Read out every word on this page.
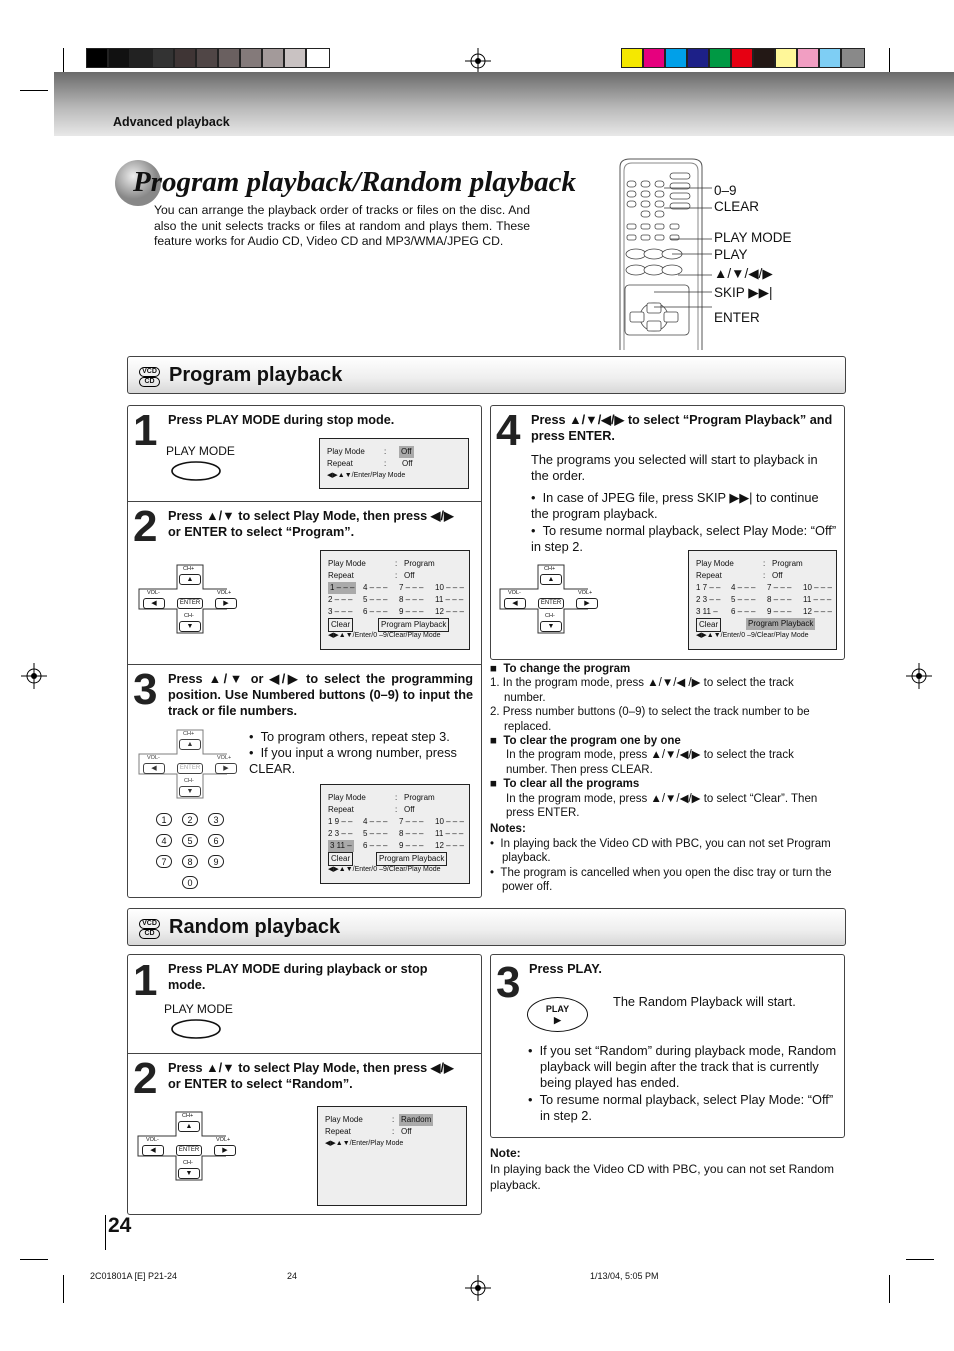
Advanced playback
Program playback/Random playback
You can arrange the playback order of tracks or files on the disc. And also the unit selects tracks or files at random and plays them. These feature works for Audio CD, Video CD and MP3/WMA/JPEG CD.
0–9
CLEAR
PLAY MODE
PLAY
▲/▼/◀/▶
SKIP ▶▶|
ENTER
VCD
CD Program playback
1 Press PLAY MODE during stop mode.
PLAY MODE	Play Mode : Off
Repeat	: Off
◀▶▲▼/Enter/Play Mode
2 Press ▲/▼ to select Play Mode, then press ◀/▶ or ENTER to select “Program”.
CH+
▲
VOL-	VOL+
◀	ENTER	▶
CH-
▼
Play Mode	: Program
Repeat	: Off
1 – – – 4 – – – 7 – – – 10 – – –
2 – – – 5 – – – 8 – – – 11 – – –
3 – – – 6 – – – 9 – – – 12 – – –
Clear	Program Playback
◀▶▲▼/Enter/0 –9/Clear/Play Mode
3 Press ▲/▼ or ◀/▶ to select the programming position. Use Numbered buttons (0–9) to input the track or file numbers.
•  To program others, repeat step 3.
•  If you input a wrong number, press CLEAR.
CH+
▲
VOL-	VOL+
◀	ENTER	▶
CH-
▼
1	2	3
4	5	6
7	8	9
0
Play Mode	: Program
Repeat	: Off
1 9 – – 4 – – – 7 – – – 10 – – –
2 3 – – 5 – – – 8 – – – 11 – – –
3 11 – 6 – – – 9 – – – 12 – – –
Clear	Program Playback
◀▶▲▼/Enter/0 –9/Clear/Play Mode
4 Press ▲/▼/◀/▶ to select “Program Playback” and press ENTER.
The programs you selected will start to playback in the order.
•  In case of JPEG file, press SKIP ▶▶| to continue the program playback.
•  To resume normal playback, select Play Mode: “Off” in step 2.
CH+
▲
VOL-	VOL+
◀	ENTER	▶
CH-
▼
Play Mode	: Program
Repeat	: Off
1 7 – – 4 – – – 7 – – – 10 – – –
2 3 – – 5 – – – 8 – – – 11 – – –
3 11 – 6 – – – 9 – – – 12 – – –
Clear	Program Playback
◀▶▲▼/Enter/0 –9/Clear/Play Mode
■  To change the program
1. In the program mode, press ▲/▼/◀ /▶ to select the track number.
2. Press number buttons (0–9) to select the track number to be replaced.
■  To clear the program one by one
In the program mode, press ▲/▼/◀/▶ to select the track number. Then press CLEAR.
■  To clear all the programs
In the program mode, press ▲/▼/◀/▶ to select “Clear”. Then press ENTER.
Notes:
•  In playing back the Video CD with PBC, you can not set Program playback.
•  The program is cancelled when you open the disc tray or turn the power off.
VCD
CD Random playback
1 Press PLAY MODE during playback or stop mode.
PLAY MODE
2 Press ▲/▼ to select Play Mode, then press ◀/▶ or ENTER to select “Random”.
CH+
▲
VOL-	VOL+
◀	ENTER	▶
CH-
▼
Play Mode	: Random
Repeat	: Off
◀▶▲▼/Enter/Play Mode
3 Press PLAY.
PLAY
▶
The Random Playback will start.
•  If you set “Random” during playback mode, Random playback will begin after the track that is currently being played has ended.
•  To resume normal playback, select Play Mode: “Off” in step 2.
Note:
In playing back the Video CD with PBC, you can not set Random playback.
24
2C01801A [E] P21-24	24	1/13/04, 5:05 PM
